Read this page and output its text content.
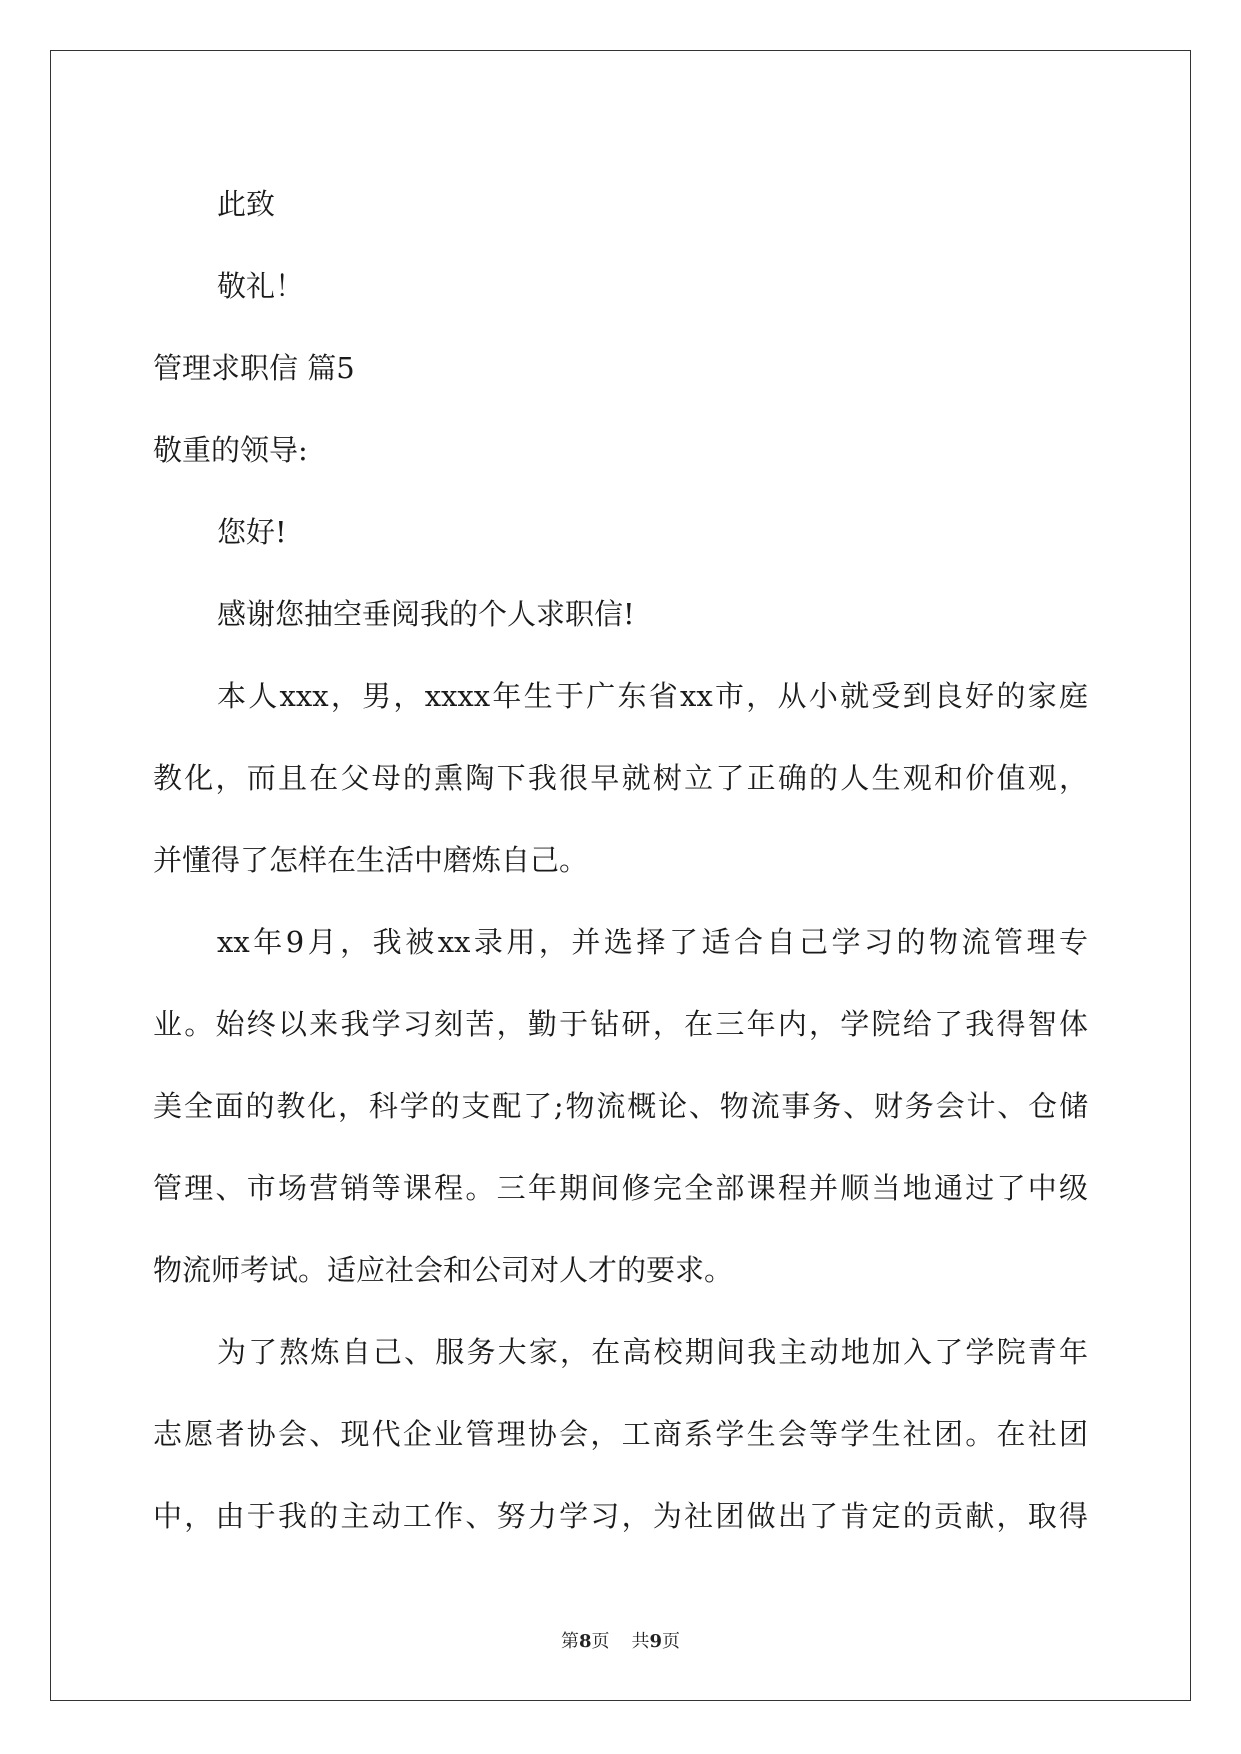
此致
敬礼！
管理求职信 篇5
敬重的领导:
您好!
感谢您抽空垂阅我的个人求职信!
本人xxx，男，xxxx年生于广东省xx市，从小就受到良好的家庭
教化，而且在父母的熏陶下我很早就树立了正确的人生观和价值观，
并懂得了怎样在生活中磨炼自己。
xx年9月，我被xx录用，并选择了适合自己学习的物流管理专
业。始终以来我学习刻苦，勤于钻研，在三年内，学院给了我得智体
美全面的教化，科学的支配了;物流概论、物流事务、财务会计、仓储
管理、市场营销等课程。三年期间修完全部课程并顺当地通过了中级
物流师考试。适应社会和公司对人才的要求。
为了熬炼自己、服务大家，在高校期间我主动地加入了学院青年
志愿者协会、现代企业管理协会，工商系学生会等学生社团。在社团
中，由于我的主动工作、努力学习，为社团做出了肯定的贡献，取得
第8页 共9页
